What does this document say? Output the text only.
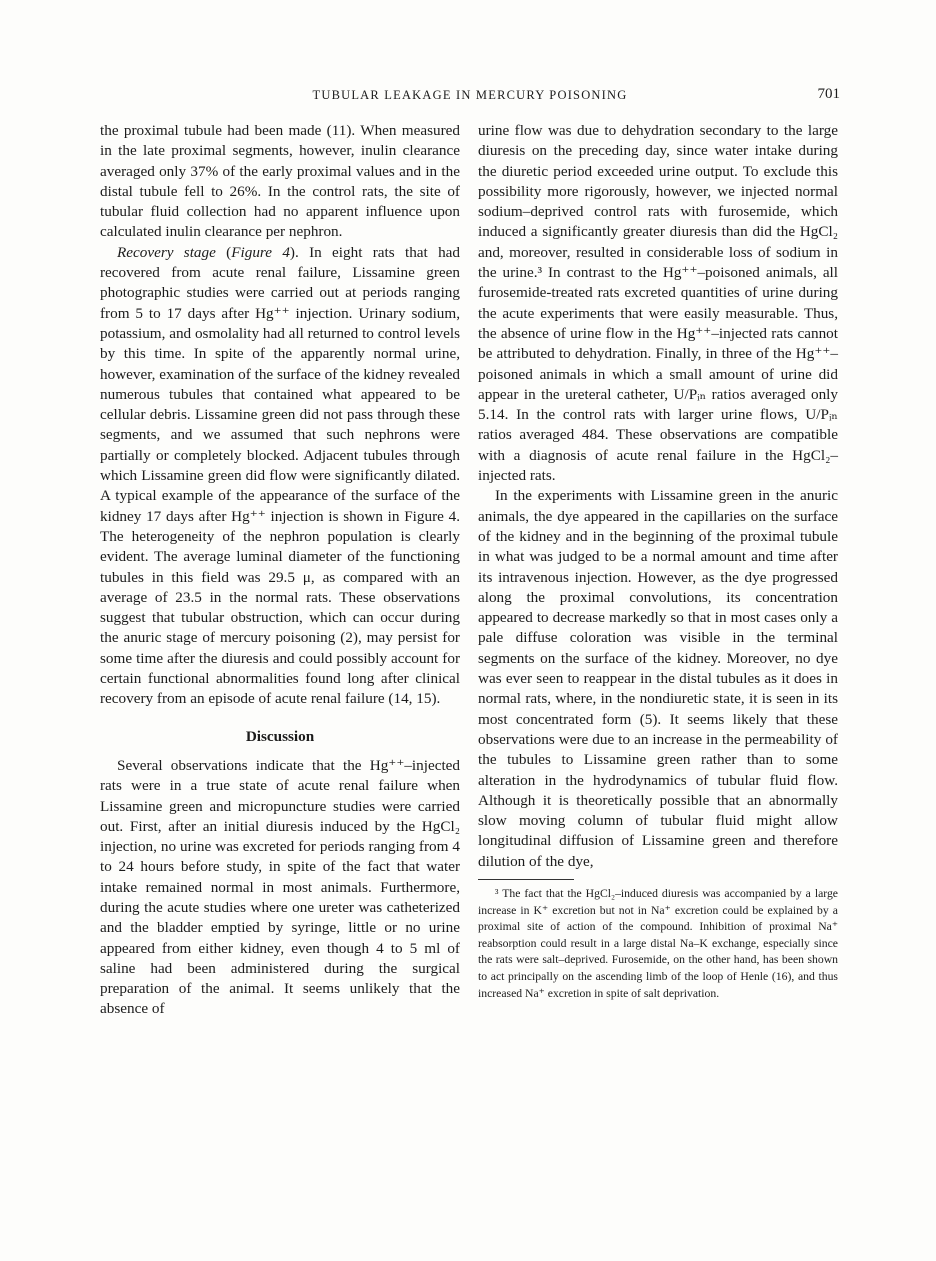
TUBULAR LEAKAGE IN MERCURY POISONING	701

the proximal tubule had been made (11). When measured in the late proximal segments, however, inulin clearance averaged only 37% of the early proximal values and in the distal tubule fell to 26%. In the control rats, the site of tubular fluid collection had no apparent influence upon calculated inulin clearance per nephron.

Recovery stage (Figure 4). In eight rats that had recovered from acute renal failure, Lissamine green photographic studies were carried out at periods ranging from 5 to 17 days after Hg⁺⁺ injection. Urinary sodium, potassium, and osmolality had all returned to control levels by this time. In spite of the apparently normal urine, however, examination of the surface of the kidney revealed numerous tubules that contained what appeared to be cellular debris. Lissamine green did not pass through these segments, and we assumed that such nephrons were partially or completely blocked. Adjacent tubules through which Lissamine green did flow were significantly dilated. A typical example of the appearance of the surface of the kidney 17 days after Hg⁺⁺ injection is shown in Figure 4. The heterogeneity of the nephron population is clearly evident. The average luminal diameter of the functioning tubules in this field was 29.5 μ, as compared with an average of 23.5 in the normal rats. These observations suggest that tubular obstruction, which can occur during the anuric stage of mercury poisoning (2), may persist for some time after the diuresis and could possibly account for certain functional abnormalities found long after clinical recovery from an episode of acute renal failure (14, 15).

Discussion

Several observations indicate that the Hg⁺⁺–injected rats were in a true state of acute renal failure when Lissamine green and micropuncture studies were carried out. First, after an initial diuresis induced by the HgCl₂ injection, no urine was excreted for periods ranging from 4 to 24 hours before study, in spite of the fact that water intake remained normal in most animals. Furthermore, during the acute studies where one ureter was catheterized and the bladder emptied by syringe, little or no urine appeared from either kidney, even though 4 to 5 ml of saline had been administered during the surgical preparation of the animal. It seems unlikely that the absence of

urine flow was due to dehydration secondary to the large diuresis on the preceding day, since water intake during the diuretic period exceeded urine output. To exclude this possibility more rigorously, however, we injected normal sodium–deprived control rats with furosemide, which induced a significantly greater diuresis than did the HgCl₂ and, moreover, resulted in considerable loss of sodium in the urine.³ In contrast to the Hg⁺⁺–poisoned animals, all furosemide-treated rats excreted quantities of urine during the acute experiments that were easily measurable. Thus, the absence of urine flow in the Hg⁺⁺–injected rats cannot be attributed to dehydration. Finally, in three of the Hg⁺⁺–poisoned animals in which a small amount of urine did appear in the ureteral catheter, U/Pᵢₙ ratios averaged only 5.14. In the control rats with larger urine flows, U/Pᵢₙ ratios averaged 484. These observations are compatible with a diagnosis of acute renal failure in the HgCl₂–injected rats.

In the experiments with Lissamine green in the anuric animals, the dye appeared in the capillaries on the surface of the kidney and in the beginning of the proximal tubule in what was judged to be a normal amount and time after its intravenous injection. However, as the dye progressed along the proximal convolutions, its concentration appeared to decrease markedly so that in most cases only a pale diffuse coloration was visible in the terminal segments on the surface of the kidney. Moreover, no dye was ever seen to reappear in the distal tubules as it does in normal rats, where, in the nondiuretic state, it is seen in its most concentrated form (5). It seems likely that these observations were due to an increase in the permeability of the tubules to Lissamine green rather than to some alteration in the hydrodynamics of tubular fluid flow. Although it is theoretically possible that an abnormally slow moving column of tubular fluid might allow longitudinal diffusion of Lissamine green and therefore dilution of the dye,

³ The fact that the HgCl₂–induced diuresis was accompanied by a large increase in K⁺ excretion but not in Na⁺ excretion could be explained by a proximal site of action of the compound. Inhibition of proximal Na⁺ reabsorption could result in a large distal Na–K exchange, especially since the rats were salt–deprived. Furosemide, on the other hand, has been shown to act principally on the ascending limb of the loop of Henle (16), and thus increased Na⁺ excretion in spite of salt deprivation.
